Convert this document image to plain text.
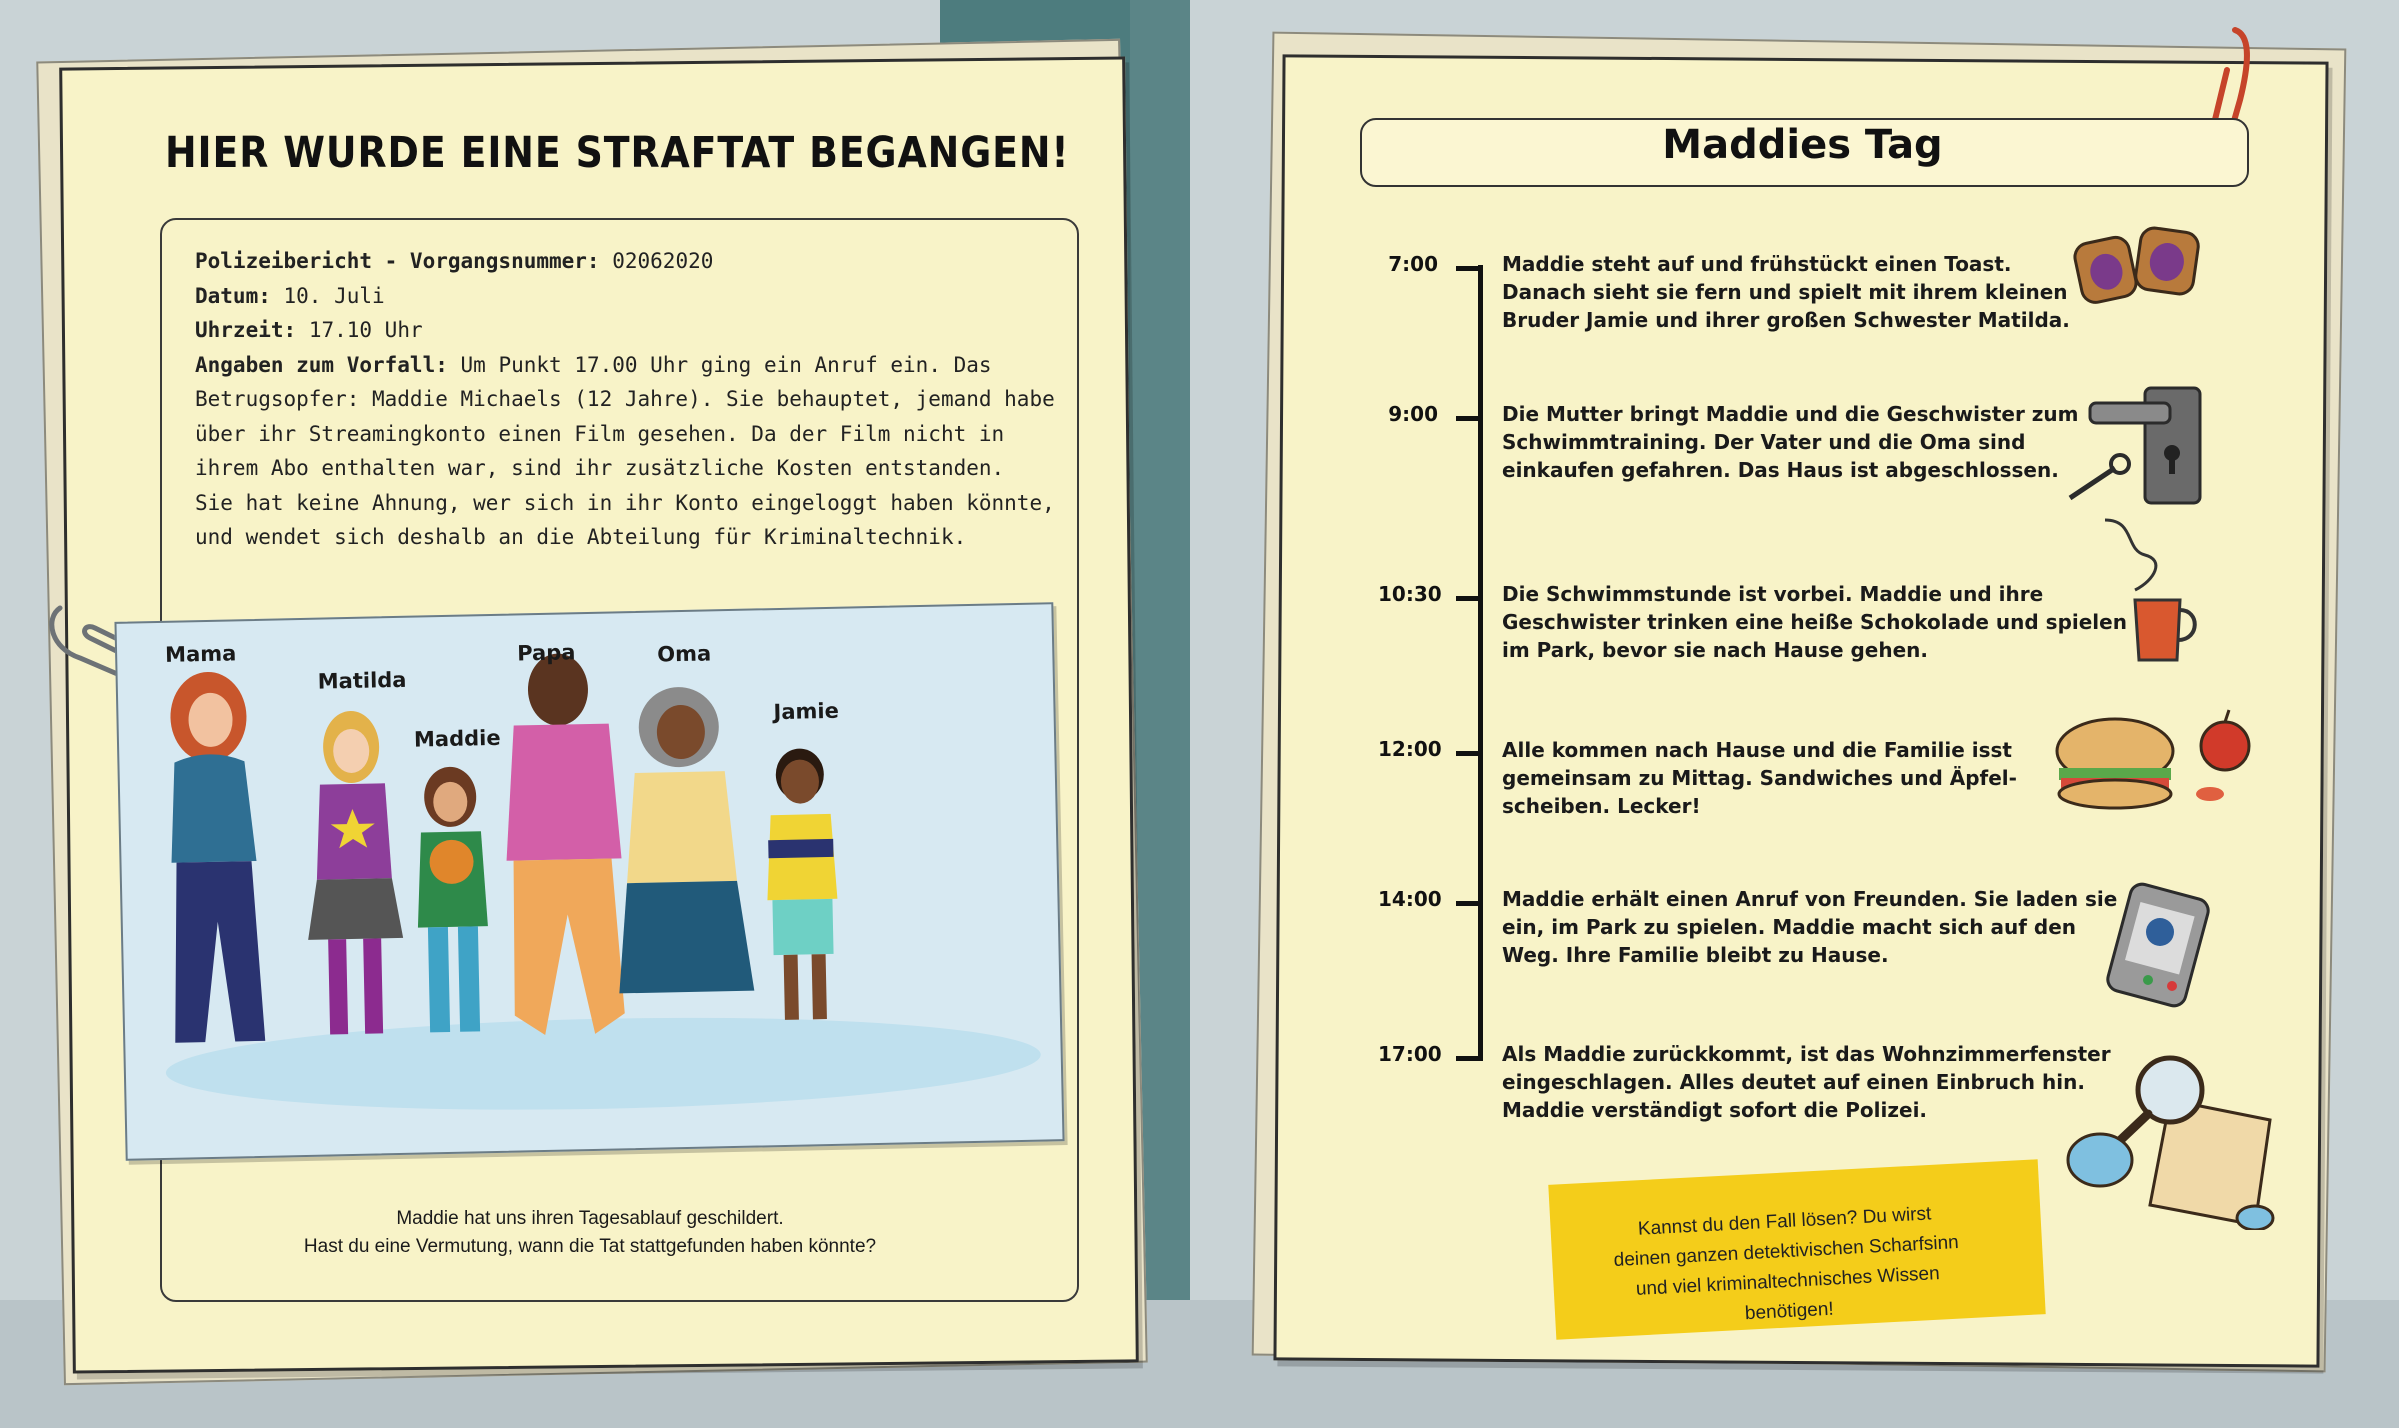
HIER WURDE EINE STRAFTAT BEGANGEN!

Polizeibericht - Vorgangsnummer: 02062020

Datum: 10. Juli

Uhrzeit: 17.10 Uhr

Angaben zum Vorfall: Um Punkt 17.00 Uhr ging ein Anruf ein. Das

Betrugsopfer: Maddie Michaels (12 Jahre). Sie behauptet, jemand habe

über ihr Streamingkonto einen Film gesehen. Da der Film nicht in

ihrem Abo enthalten war, sind ihr zusätzliche Kosten entstanden.

Sie hat keine Ahnung, wer sich in ihr Konto eingeloggt haben könnte,

und wendet sich deshalb an die Abteilung für Kriminaltechnik.

Mama
Matilda
Maddie
Papa	Oma
Jamie
Maddie hat uns ihren Tagesablauf geschildert.
Hast du eine Vermutung, wann die Tat stattgefunden haben könnte?
Maddies Tag
7:00	Maddie steht auf und frühstückt einen Toast.
Danach sieht sie fern und spielt mit ihrem kleinen
Bruder Jamie und ihrer großen Schwester Matilda.
9:00	Die Mutter bringt Maddie und die Geschwister zum
Schwimmtraining. Der Vater und die Oma sind
einkaufen gefahren. Das Haus ist abgeschlossen.
10:30	Die Schwimmstunde ist vorbei. Maddie und ihre
Geschwister trinken eine heiße Schokolade und spielen
im Park, bevor sie nach Hause gehen.
12:00	Alle kommen nach Hause und die Familie isst
gemeinsam zu Mittag. Sandwiches und Äpfel-
scheiben. Lecker!
14:00	Maddie erhält einen Anruf von Freunden. Sie laden sie
ein, im Park zu spielen. Maddie macht sich auf den
Weg. Ihre Familie bleibt zu Hause.
17:00	Als Maddie zurückkommt, ist das Wohnzimmerfenster
eingeschlagen. Alles deutet auf einen Einbruch hin.
Maddie verständigt sofort die Polizei.
Kannst du den Fall lösen? Du wirst
deinen ganzen detektivischen Scharfsinn
und viel kriminaltechnisches Wissen
benötigen!
